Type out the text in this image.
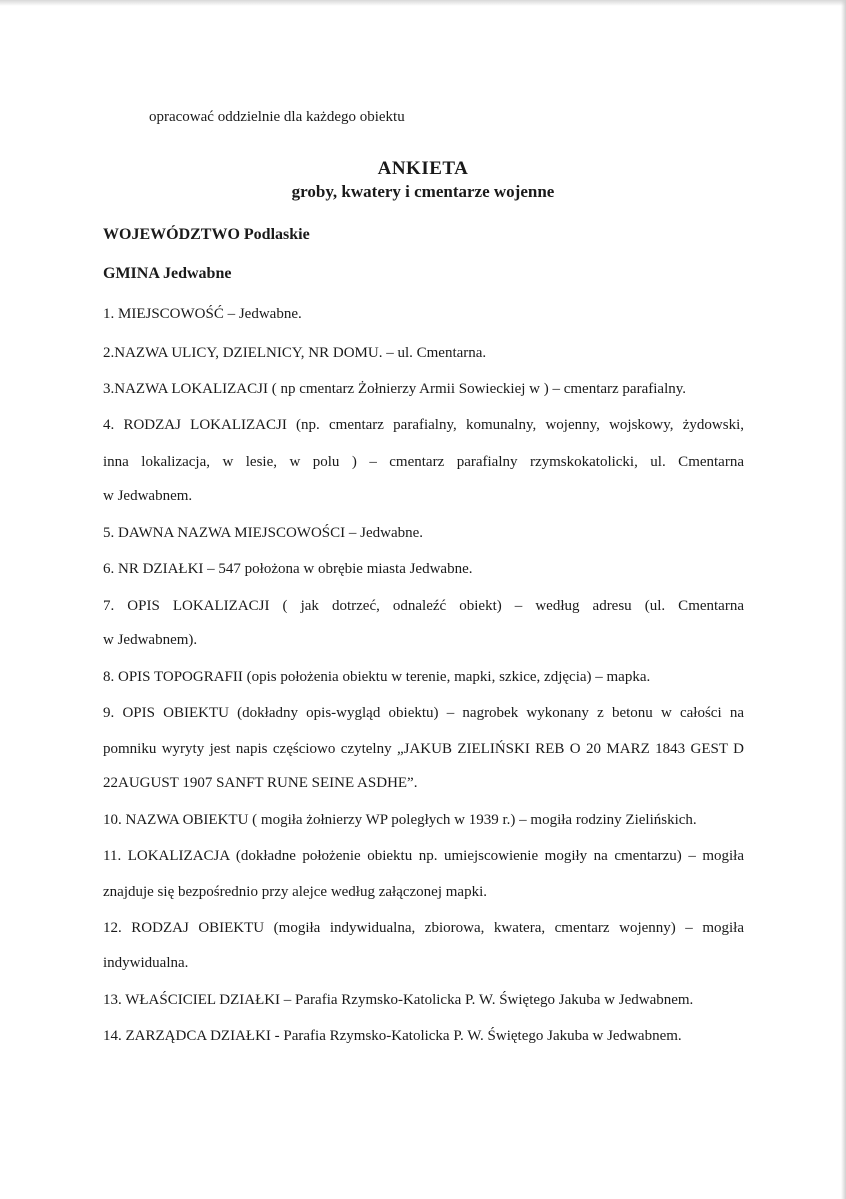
opracować oddzielnie dla każdego obiektu
ANKIETA
groby, kwatery i cmentarze wojenne
WOJEWÓDZTWO Podlaskie
GMINA Jedwabne
1. MIEJSCOWOŚĆ – Jedwabne.
2.NAZWA ULICY, DZIELNICY, NR DOMU. – ul. Cmentarna.
3.NAZWA LOKALIZACJI ( np cmentarz Żołnierzy Armii Sowieckiej w ) – cmentarz parafialny.
4. RODZAJ LOKALIZACJI (np. cmentarz parafialny, komunalny, wojenny, wojskowy, żydowski,
inna lokalizacja, w lesie, w polu ) – cmentarz parafialny rzymskokatolicki, ul. Cmentarna
w Jedwabnem.
5. DAWNA NAZWA MIEJSCOWOŚCI – Jedwabne.
6. NR DZIAŁKI – 547 położona w obrębie miasta Jedwabne.
7. OPIS LOKALIZACJI ( jak dotrzeć, odnaleźć obiekt) – według adresu (ul. Cmentarna
w Jedwabnem).
8. OPIS TOPOGRAFII (opis położenia obiektu w terenie, mapki, szkice, zdjęcia) – mapka.
9. OPIS OBIEKTU (dokładny opis-wygląd obiektu) – nagrobek wykonany z betonu w całości na
pomniku wyryty jest napis częściowo czytelny „JAKUB ZIELIŃSKI REB O 20 MARZ 1843 GEST D
22AUGUST 1907 SANFT RUNE SEINE ASDHE”.
10. NAZWA OBIEKTU ( mogiła żołnierzy WP poległych w 1939 r.) – mogiła rodziny Zielińskich.
11. LOKALIZACJA (dokładne położenie obiektu np. umiejscowienie mogiły na cmentarzu) – mogiła
znajduje się bezpośrednio przy alejce według załączonej mapki.
12. RODZAJ OBIEKTU (mogiła indywidualna, zbiorowa, kwatera, cmentarz wojenny) – mogiła
indywidualna.
13. WŁAŚCICIEL DZIAŁKI – Parafia Rzymsko-Katolicka P. W. Świętego Jakuba w Jedwabnem.
14. ZARZĄDCA DZIAŁKI - Parafia Rzymsko-Katolicka P. W. Świętego Jakuba w Jedwabnem.
